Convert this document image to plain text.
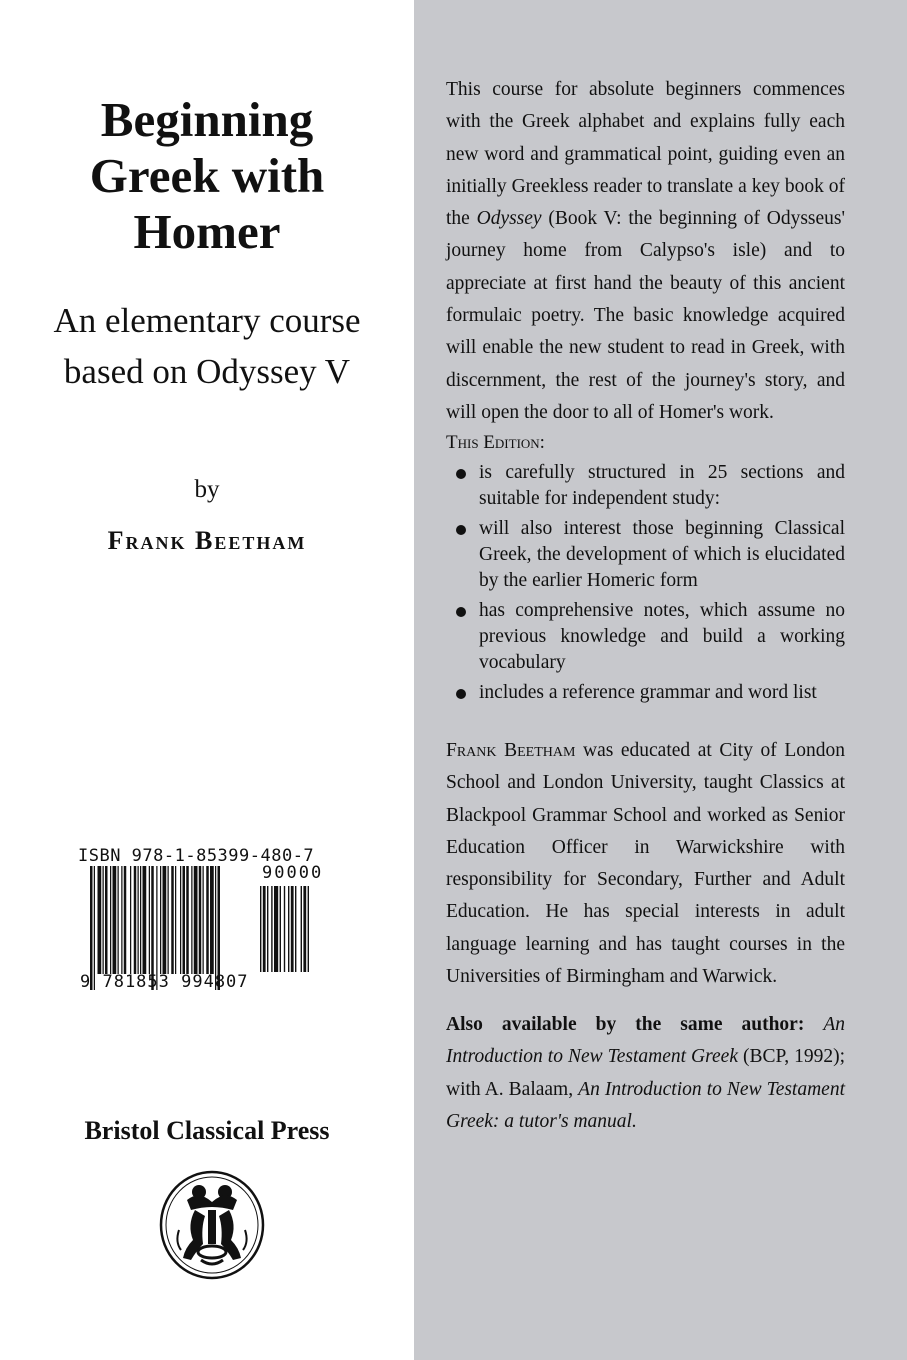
Beginning
Greek with
Homer
An elementary course
based on Odyssey V
by
Frank Beetham
ISBN 978-1-85399-480-7
90000
9 781853 994807
Bristol Classical Press

This course for absolute beginners commences with the Greek alphabet and explains fully each new word and grammatical point, guiding even an initially Greekless reader to translate a key book of the Odyssey (Book V: the beginning of Odysseus' journey home from Calypso's isle) and to appreciate at first hand the beauty of this ancient formulaic poetry. The basic knowledge acquired will enable the new student to read in Greek, with discernment, the rest of the journey's story, and will open the door to all of Homer's work.

This Edition:
is carefully structured in 25 sections and suitable for independent study:
will also interest those beginning Classical Greek, the development of which is elucidated by the earlier Homeric form
has comprehensive notes, which assume no previous knowledge and build a working vocabulary
includes a reference grammar and word list

Frank Beetham was educated at City of London School and London University, taught Classics at Blackpool Grammar School and worked as Senior Education Officer in Warwickshire with responsibility for Secondary, Further and Adult Education. He has special interests in adult language learning and has taught courses in the Universities of Birmingham and Warwick.

Also available by the same author: An Introduction to New Testament Greek (BCP, 1992); with A. Balaam, An Introduction to New Testament Greek: a tutor's manual.
